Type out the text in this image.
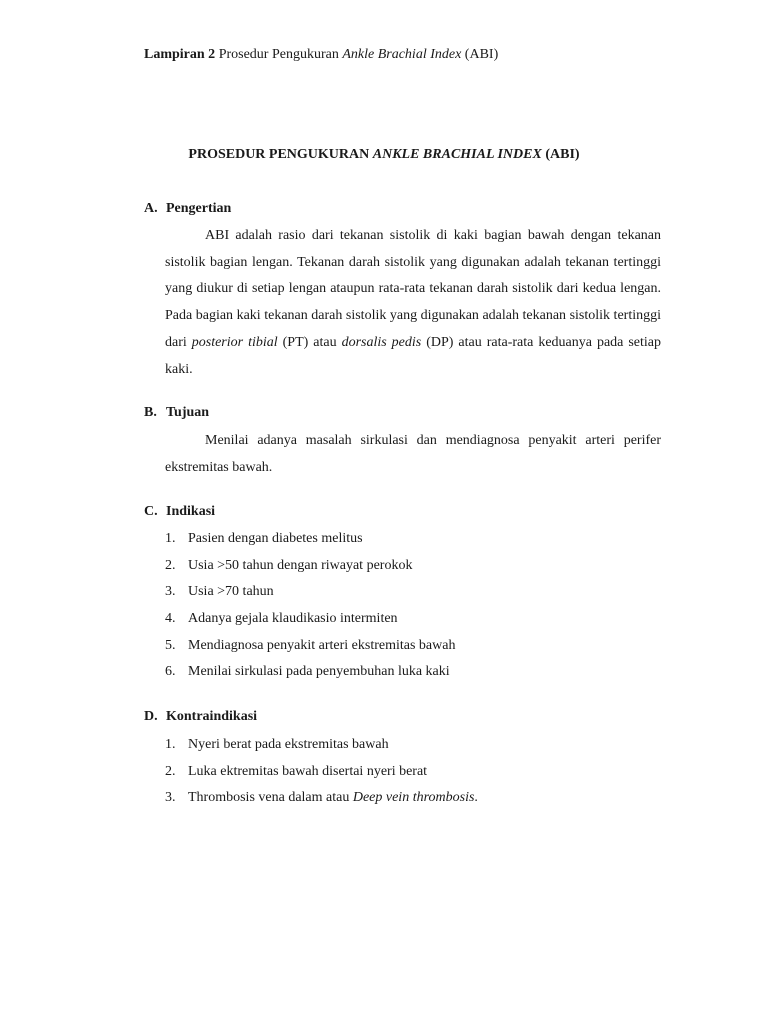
Lampiran 2 Prosedur Pengukuran Ankle Brachial Index (ABI)
PROSEDUR PENGUKURAN ANKLE BRACHIAL INDEX (ABI)
A. Pengertian

ABI adalah rasio dari tekanan sistolik di kaki bagian bawah dengan tekanan sistolik bagian lengan. Tekanan darah sistolik yang digunakan adalah tekanan tertinggi yang diukur di setiap lengan ataupun rata-rata tekanan darah sistolik dari kedua lengan. Pada bagian kaki tekanan darah sistolik yang digunakan adalah tekanan sistolik tertinggi dari posterior tibial (PT) atau dorsalis pedis (DP) atau rata-rata keduanya pada setiap kaki.

B. Tujuan

Menilai adanya masalah sirkulasi dan mendiagnosa penyakit arteri perifer ekstremitas bawah.

C. Indikasi
1. Pasien dengan diabetes melitus
2. Usia >50 tahun dengan riwayat perokok
3. Usia >70 tahun
4. Adanya gejala klaudikasio intermiten
5. Mendiagnosa penyakit arteri ekstremitas bawah
6. Menilai sirkulasi pada penyembuhan luka kaki
D. Kontraindikasi
1. Nyeri berat pada ekstremitas bawah
2. Luka ektremitas bawah disertai nyeri berat
3. Thrombosis vena dalam atau Deep vein thrombosis.
